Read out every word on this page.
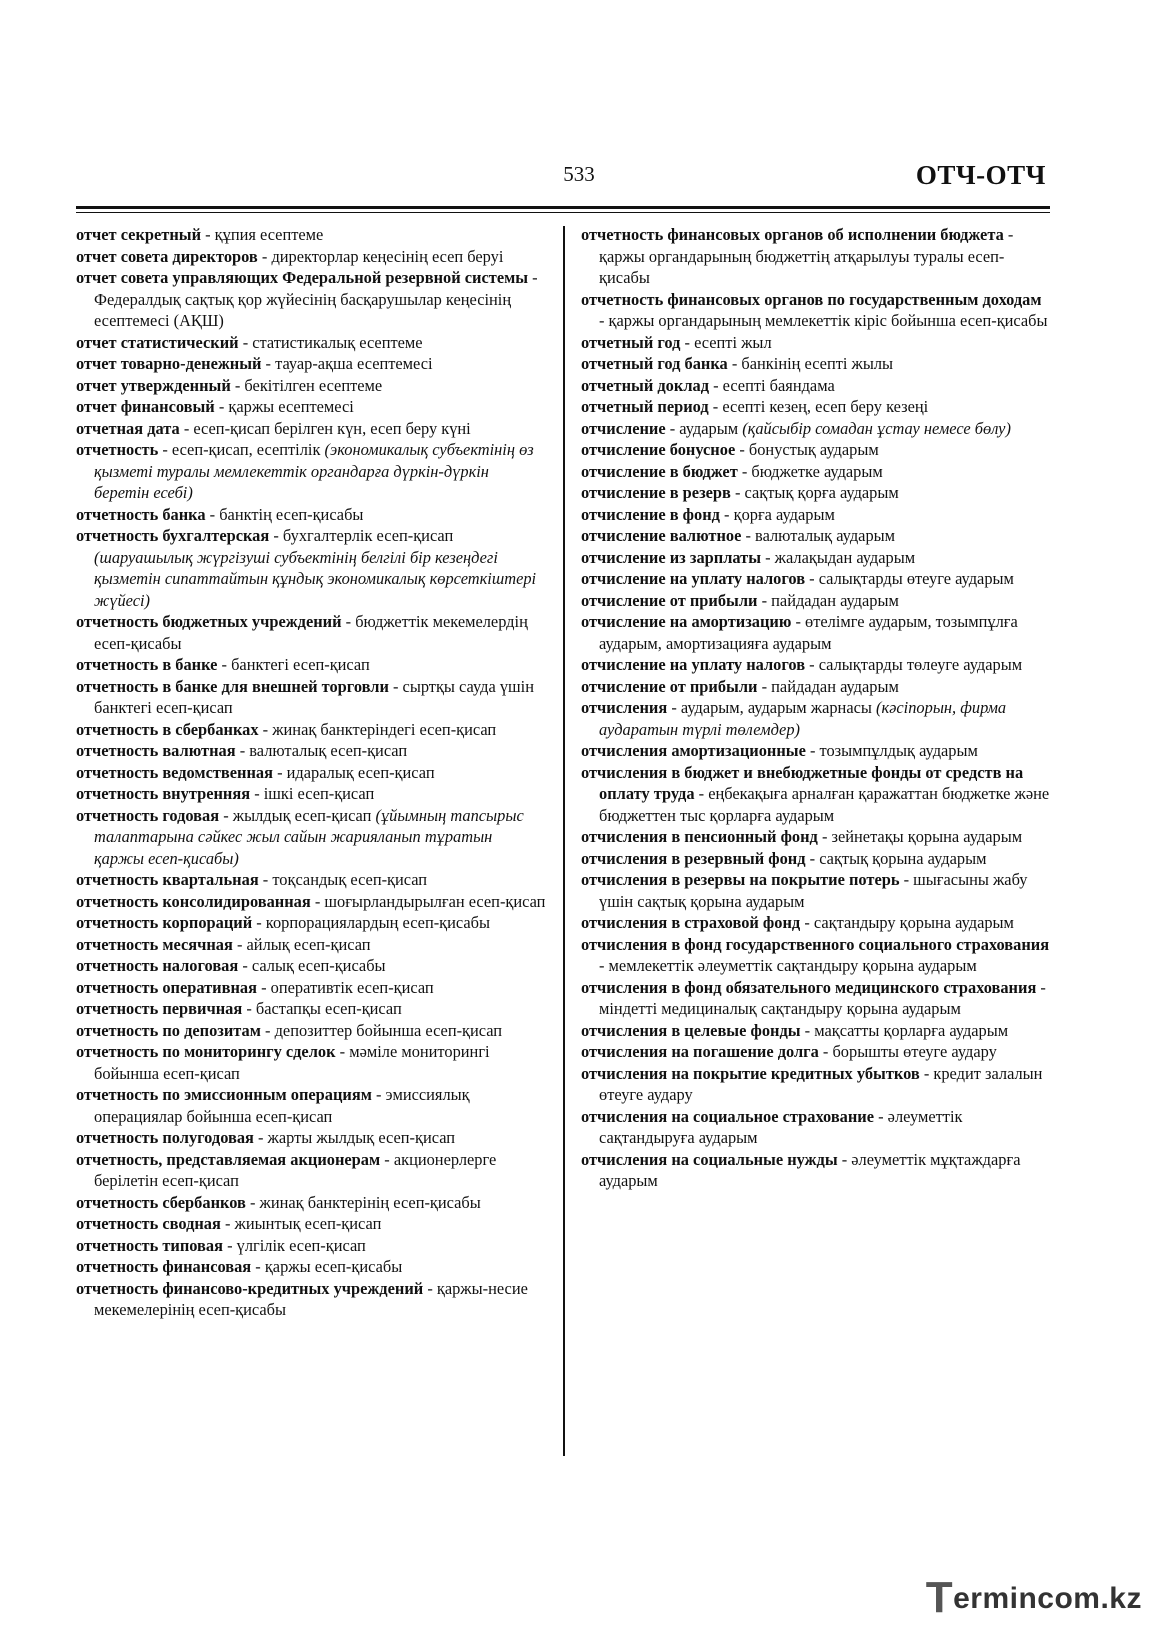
533	ОТЧ-ОТЧ

отчет секретный - құпия есептеме

отчет совета директоров - директорлар кеңесінің есеп беруі

отчет совета управляющих Федеральной резервной системы - Федералдық сақтық қор жүйесінің басқарушылар кеңесінің есептемесі (АҚШ)

отчет статистический - статистикалық есептеме

отчет товарно-денежный - тауар-ақша есептемесі

отчет утвержденный - бекітілген есептеме

отчет финансовый - қаржы есептемесі

отчетная дата - есеп-қисап берілген күн, есеп беру күні

отчетность - есеп-қисап, есептілік (экономикалық субъектінің өз қызметі туралы мемлекеттік органдарға дүркін-дүркін беретін есебі)

отчетность банка - банктің есеп-қисабы

отчетность бухгалтерская - бухгалтерлік есеп-қисап (шаруашылық жүргізуші субъектінің белгілі бір кезеңдегі қызметін сипаттайтын құндық экономикалық көрсеткіштері жүйесі)

отчетность бюджетных учреждений - бюджеттік мекемелердің есеп-қисабы

отчетность в банке - банктегі есеп-қисап

отчетность в банке для внешней торговли - сыртқы сауда үшін банктегі есеп-қисап

отчетность в сбербанках - жинақ банктеріндегі есеп-қисап

отчетность валютная - валюталық есеп-қисап

отчетность ведомственная - идаралық есеп-қисап

отчетность внутренняя - ішкі есеп-қисап

отчетность годовая - жылдық есеп-қисап (ұйымның тапсырыс талаптарына сәйкес жыл сайын жарияланып тұратын қаржы есеп-қисабы)

отчетность квартальная - тоқсандық есеп-қисап

отчетность консолидированная - шоғырландырылған есеп-қисап

отчетность корпораций - корпорациялардың есеп-қисабы

отчетность месячная - айлық есеп-қисап

отчетность налоговая - салық есеп-қисабы

отчетность оперативная - оперативтік есеп-қисап

отчетность первичная - бастапқы есеп-қисап

отчетность по депозитам - депозиттер бойынша есеп-қисап

отчетность по мониторингу сделок - мәміле мониторингі бойынша есеп-қисап

отчетность по эмиссионным операциям - эмиссиялық операциялар бойынша есеп-қисап

отчетность полугодовая - жарты жылдық есеп-қисап

отчетность, представляемая акционерам - акционерлерге берілетін есеп-қисап

отчетность сбербанков - жинақ банктерінің есеп-қисабы

отчетность сводная - жиынтық есеп-қисап

отчетность типовая - үлгілік есеп-қисап

отчетность финансовая - қаржы есеп-қисабы

отчетность финансово-кредитных учреждений - қаржы-несие мекемелерінің есеп-қисабы

отчетность финансовых органов об исполнении бюджета - қаржы органдарының бюджеттің атқарылуы туралы есеп-қисабы

отчетность финансовых органов по государственным доходам - қаржы органдарының мемлекеттік кіріс бойынша есеп-қисабы

отчетный год - есепті жыл

отчетный год банка - банкінің есепті жылы

отчетный доклад - есепті баяндама

отчетный период - есепті кезең, есеп беру кезеңі

отчисление - аударым (қайсыбір сомадан ұстау немесе бөлу)

отчисление бонусное - бонустық аударым

отчисление в бюджет - бюджетке аударым

отчисление в резерв - сақтық қорға аударым

отчисление в фонд - қорға аударым

отчисление валютное - валюталық аударым

отчисление из зарплаты - жалақыдан аударым

отчисление на уплату налогов - салықтарды өтеуге аударым

отчисление от прибыли - пайдадан аударым

отчисление на амортизацию - өтелімге аударым, тозымпұлға аударым, амортизацияға аударым

отчисление на уплату налогов - салықтарды төлеуге аударым

отчисление от прибыли - пайдадан аударым

отчисления - аударым, аударым жарнасы (кәсіпорын, фирма аударатын түрлі төлемдер)

отчисления амортизационные - тозымпұлдық аударым

отчисления в бюджет и внебюджетные фонды от средств на оплату труда - еңбекақыға арналған қаражаттан бюджетке және бюджеттен тыс қорларға аударым

отчисления в пенсионный фонд - зейнетақы қорына аударым

отчисления в резервный фонд - сақтық қорына аударым

отчисления в резервы на покрытие потерь - шығасыны жабу үшін сақтық қорына аударым

отчисления в страховой фонд - сақтандыру қорына аударым

отчисления в фонд государственного социального страхования - мемлекеттік әлеуметтік сақтандыру қорына аударым

отчисления в фонд обязательного медицинского страхования - міндетті медициналық сақтандыру қорына аударым

отчисления в целевые фонды - мақсатты қорларға аударым

отчисления на погашение долга - борышты өтеуге аудару

отчисления на покрытие кредитных убытков - кредит залалын өтеуге аудару

отчисления на социальное страхование - әлеуметтік сақтандыруға аударым

отчисления на социальные нужды - әлеуметтік мұқтаждарға аударым

Termincom.kz
